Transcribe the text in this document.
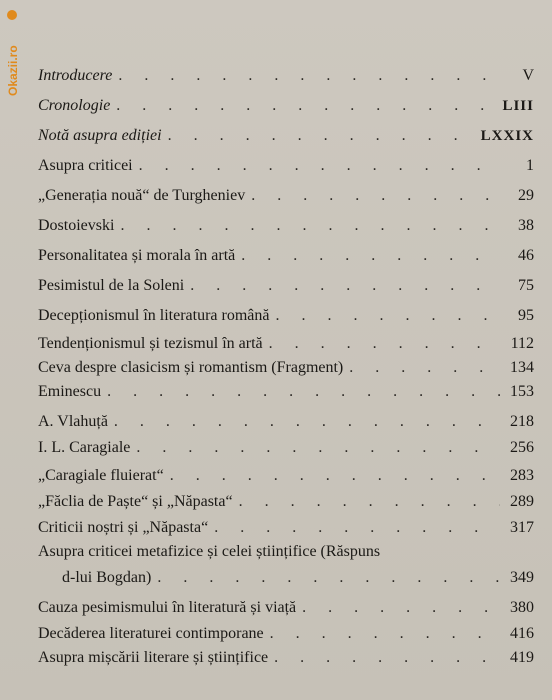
Okazii.ro Introducere . . .	V
Cronologie . . .	LIII
Notă asupra ediției . . .	LXXIX
Asupra criticei . . .	1
„Generația nouă“ de Turgheniev . . .	29
Dostoievski . . .	38
Personalitatea și morala în artă . . .	46
Pesimistul de la Soleni . . .	75
Decepționismul în literatura română . . .	95
Tendenționismul și tezismul în artă . . .	112
Ceva despre clasicism și romantism (Fragment) . . .	134
Eminescu . . .	153
A. Vlahuță . . .	218
I. L. Caragiale . . .	256
„Caragiale fluierat“ . . .	283
„Făclia de Paște“ și „Năpasta“ . . .	289
Criticii noștri și „Năpasta“ . . .	317
Asupra criticei metafizice și celei științifice (Răspuns
d-lui Bogdan) . . .	349
Cauza pesimismului în literatură și viață . . .	380
Decăderea literaturei contimporane . . .	416
Asupra mișcării literare și științifice . . .	419
